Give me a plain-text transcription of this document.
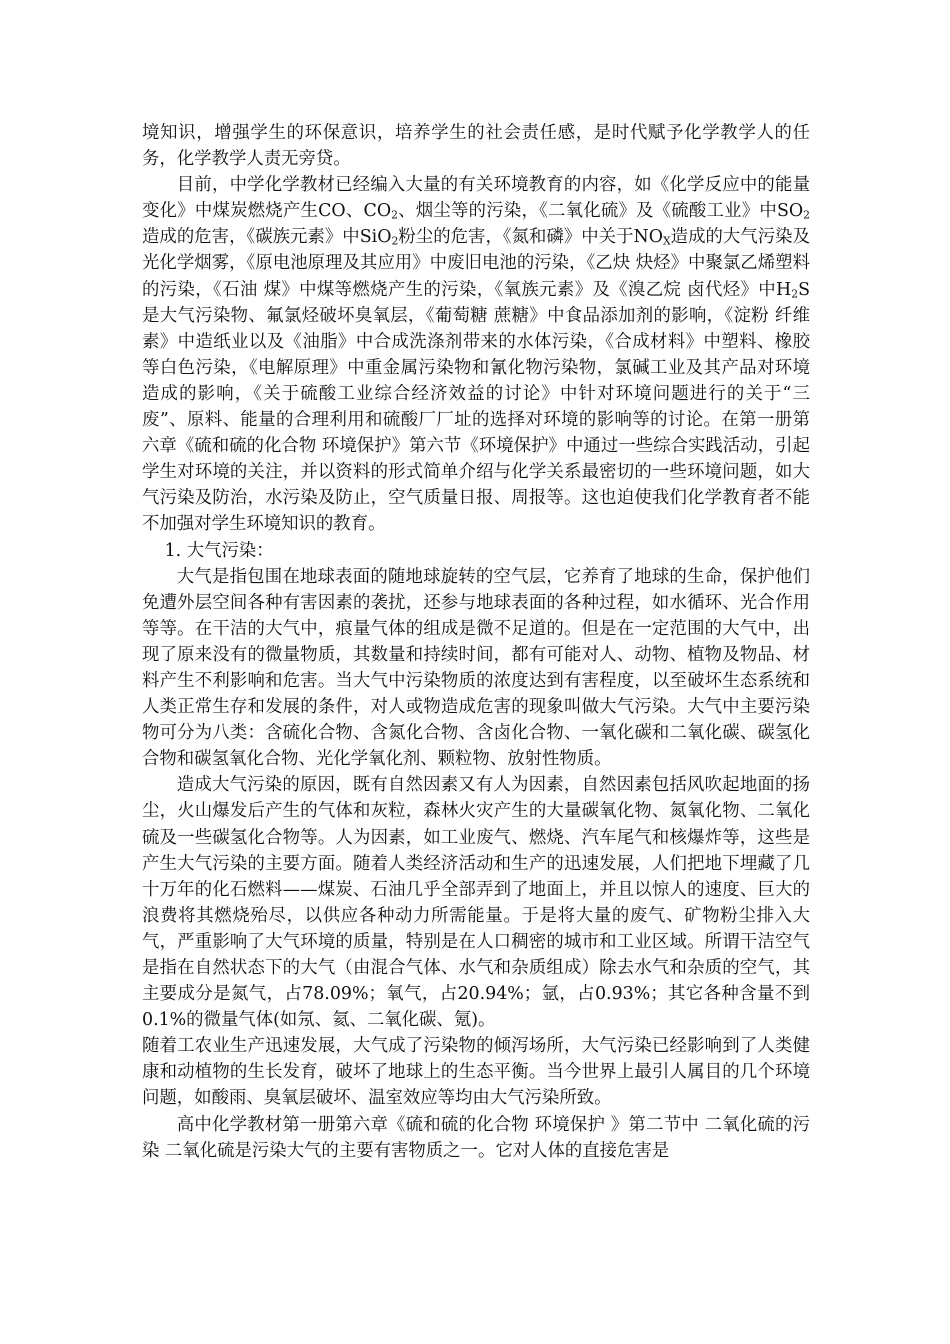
境知识，增强学生的环保意识，培养学生的社会责任感，是时代赋予化学教学人的任务，化学教学人责无旁贷。

目前，中学化学教材已经编入大量的有关环境教育的内容，如《化学反应中的能量变化》中煤炭燃烧产生CO、$CO_2$、烟尘等的污染，《二氧化硫》及《硫酸工业》中$SO_2$造成的危害，《碳族元素》中SiO$_2$粉尘的危害，《氮和磷》中关于$NO_X$造成的大气污染及光化学烟雾，《原电池原理及其应用》中废旧电池的污染，《乙炔 炔烃》中聚氯乙烯塑料的污染，《石油 煤》中煤等燃烧产生的污染，《氧族元素》及《溴乙烷 卤代烃》中$H_2S$是大气污染物、氟氯烃破坏臭氧层，《葡萄糖 蔗糖》中食品添加剂的影响，《淀粉 纤维素》中造纸业以及《油脂》中合成洗涤剂带来的水体污染，《合成材料》中塑料、橡胶等白色污染，《电解原理》中重金属污染物和氰化物污染物，氯碱工业及其产品对环境造成的影响，《关于硫酸工业综合经济效益的讨论》中针对环境问题进行的关于“三废”、原料、能量的合理利用和硫酸厂厂址的选择对环境的影响等的讨论。在第一册第六章《硫和硫的化合物 环境保护》第六节《环境保护》中通过一些综合实践活动，引起学生对环境的关注，并以资料的形式简单介绍与化学关系最密切的一些环境问题，如大气污染及防治，水污染及防止，空气质量日报、周报等。这也迫使我们化学教育者不能不加强对学生环境知识的教育。

1. 大气污染：

大气是指包围在地球表面的随地球旋转的空气层，它养育了地球的生命，保护他们免遭外层空间各种有害因素的袭扰，还参与地球表面的各种过程，如水循环、光合作用等等。在干洁的大气中，痕量气体的组成是微不足道的。但是在一定范围的大气中，出现了原来没有的微量物质，其数量和持续时间，都有可能对人、动物、植物及物品、材料产生不利影响和危害。当大气中污染物质的浓度达到有害程度，以至破坏生态系统和人类正常生存和发展的条件，对人或物造成危害的现象叫做大气污染。大气中主要污染物可分为八类：含硫化合物、含氮化合物、含卤化合物、一氧化碳和二氧化碳、碳氢化合物和碳氢氧化合物、光化学氧化剂、颗粒物、放射性物质。

造成大气污染的原因，既有自然因素又有人为因素，自然因素包括风吹起地面的扬尘，火山爆发后产生的气体和灰粒，森林火灾产生的大量碳氧化物、氮氧化物、二氧化硫及一些碳氢化合物等。人为因素，如工业废气、燃烧、汽车尾气和核爆炸等，这些是产生大气污染的主要方面。随着人类经济活动和生产的迅速发展，人们把地下埋藏了几十万年的化石燃料——煤炭、石油几乎全部弄到了地面上，并且以惊人的速度、巨大的浪费将其燃烧殆尽，以供应各种动力所需能量。于是将大量的废气、矿物粉尘排入大气，严重影响了大气环境的质量，特别是在人口稠密的城市和工业区域。所谓干洁空气是指在自然状态下的大气（由混合气体、水气和杂质组成）除去水气和杂质的空气，其主要成分是氮气，占78.09%；氧气，占20.94%；氩，占0.93%；其它各种含量不到0.1%的微量气体(如氖、氦、二氧化碳、氪)。

随着工农业生产迅速发展，大气成了污染物的倾泻场所，大气污染已经影响到了人类健康和动植物的生长发育，破坏了地球上的生态平衡。当今世界上最引人属目的几个环境问题，如酸雨、臭氧层破坏、温室效应等均由大气污染所致。

高中化学教材第一册第六章《硫和硫的化合物 环境保护 》第二节中 二氧化硫的污染 二氧化硫是污染大气的主要有害物质之一。它对人体的直接危害是
